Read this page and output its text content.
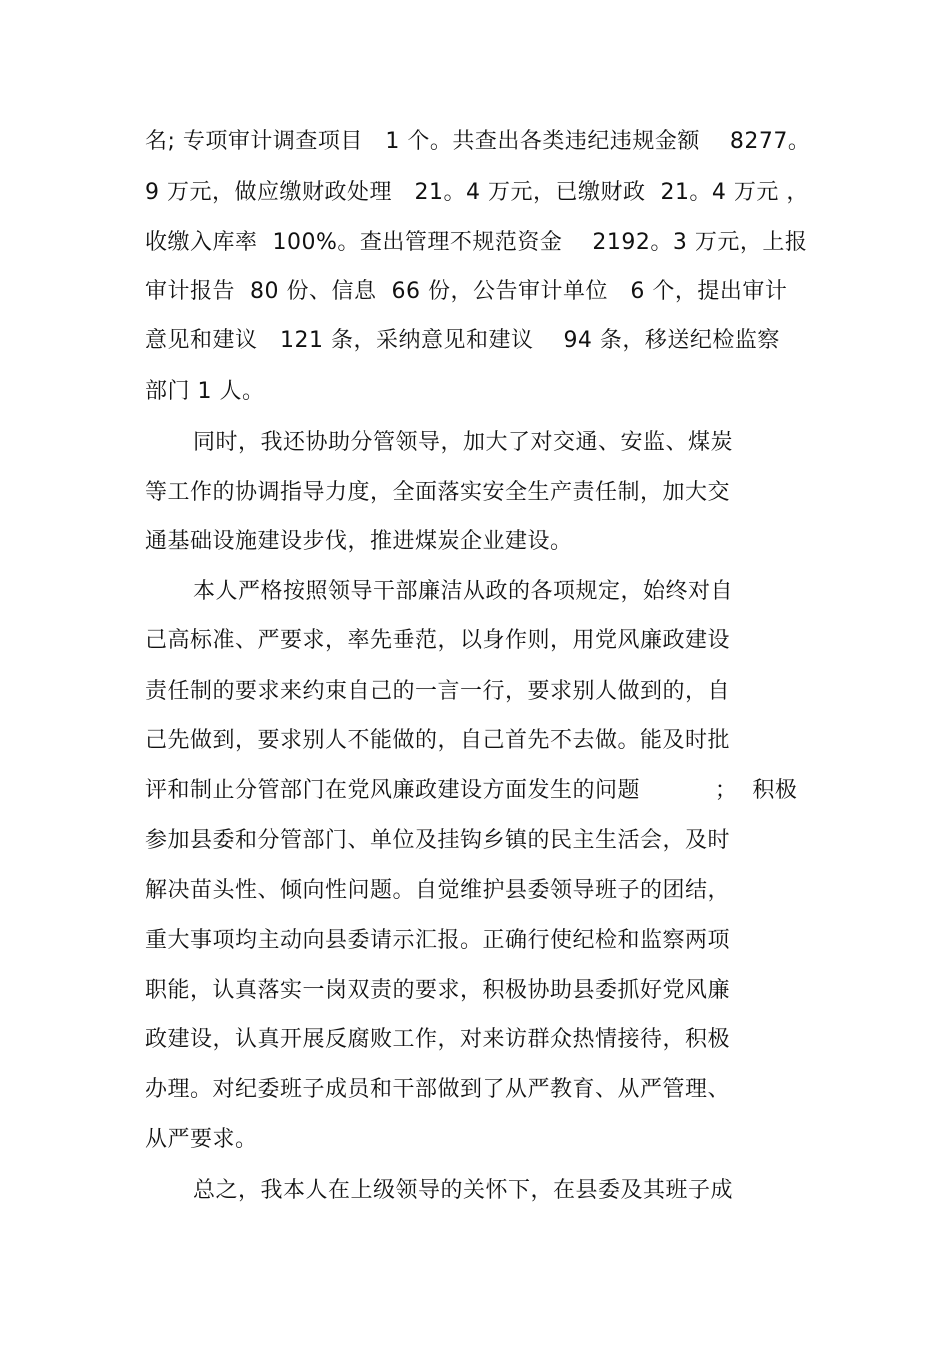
名; 专项审计调查项目   1 个。共查出各类违纪违规金额    8277。
9 万元，做应缴财政处理   21。4 万元，已缴财政  21。4 万元 ，
收缴入库率  100%。查出管理不规范资金    2192。3 万元，上报
审计报告  80 份、信息  66 份，公告审计单位   6 个，提出审计
意见和建议   121 条，采纳意见和建议    94 条，移送纪检监察
部门 1 人。
同时，我还协助分管领导，加大了对交通、安监、煤炭
等工作的协调指导力度，全面落实安全生产责任制，加大交
通基础设施建设步伐，推进煤炭企业建设。
本人严格按照领导干部廉洁从政的各项规定，始终对自
己高标准、严要求，率先垂范，以身作则，用党风廉政建设
责任制的要求来约束自己的一言一行，要求别人做到的，自
己先做到，要求别人不能做的，自己首先不去做。能及时批
评和制止分管部门在党风廉政建设方面发生的问题          ；  积极
参加县委和分管部门、单位及挂钩乡镇的民主生活会，及时
解决苗头性、倾向性问题。自觉维护县委领导班子的团结，
重大事项均主动向县委请示汇报。正确行使纪检和监察两项
职能，认真落实一岗双责的要求，积极协助县委抓好党风廉
政建设，认真开展反腐败工作，对来访群众热情接待，积极
办理。对纪委班子成员和干部做到了从严教育、从严管理、
从严要求。
总之，我本人在上级领导的关怀下，在县委及其班子成
